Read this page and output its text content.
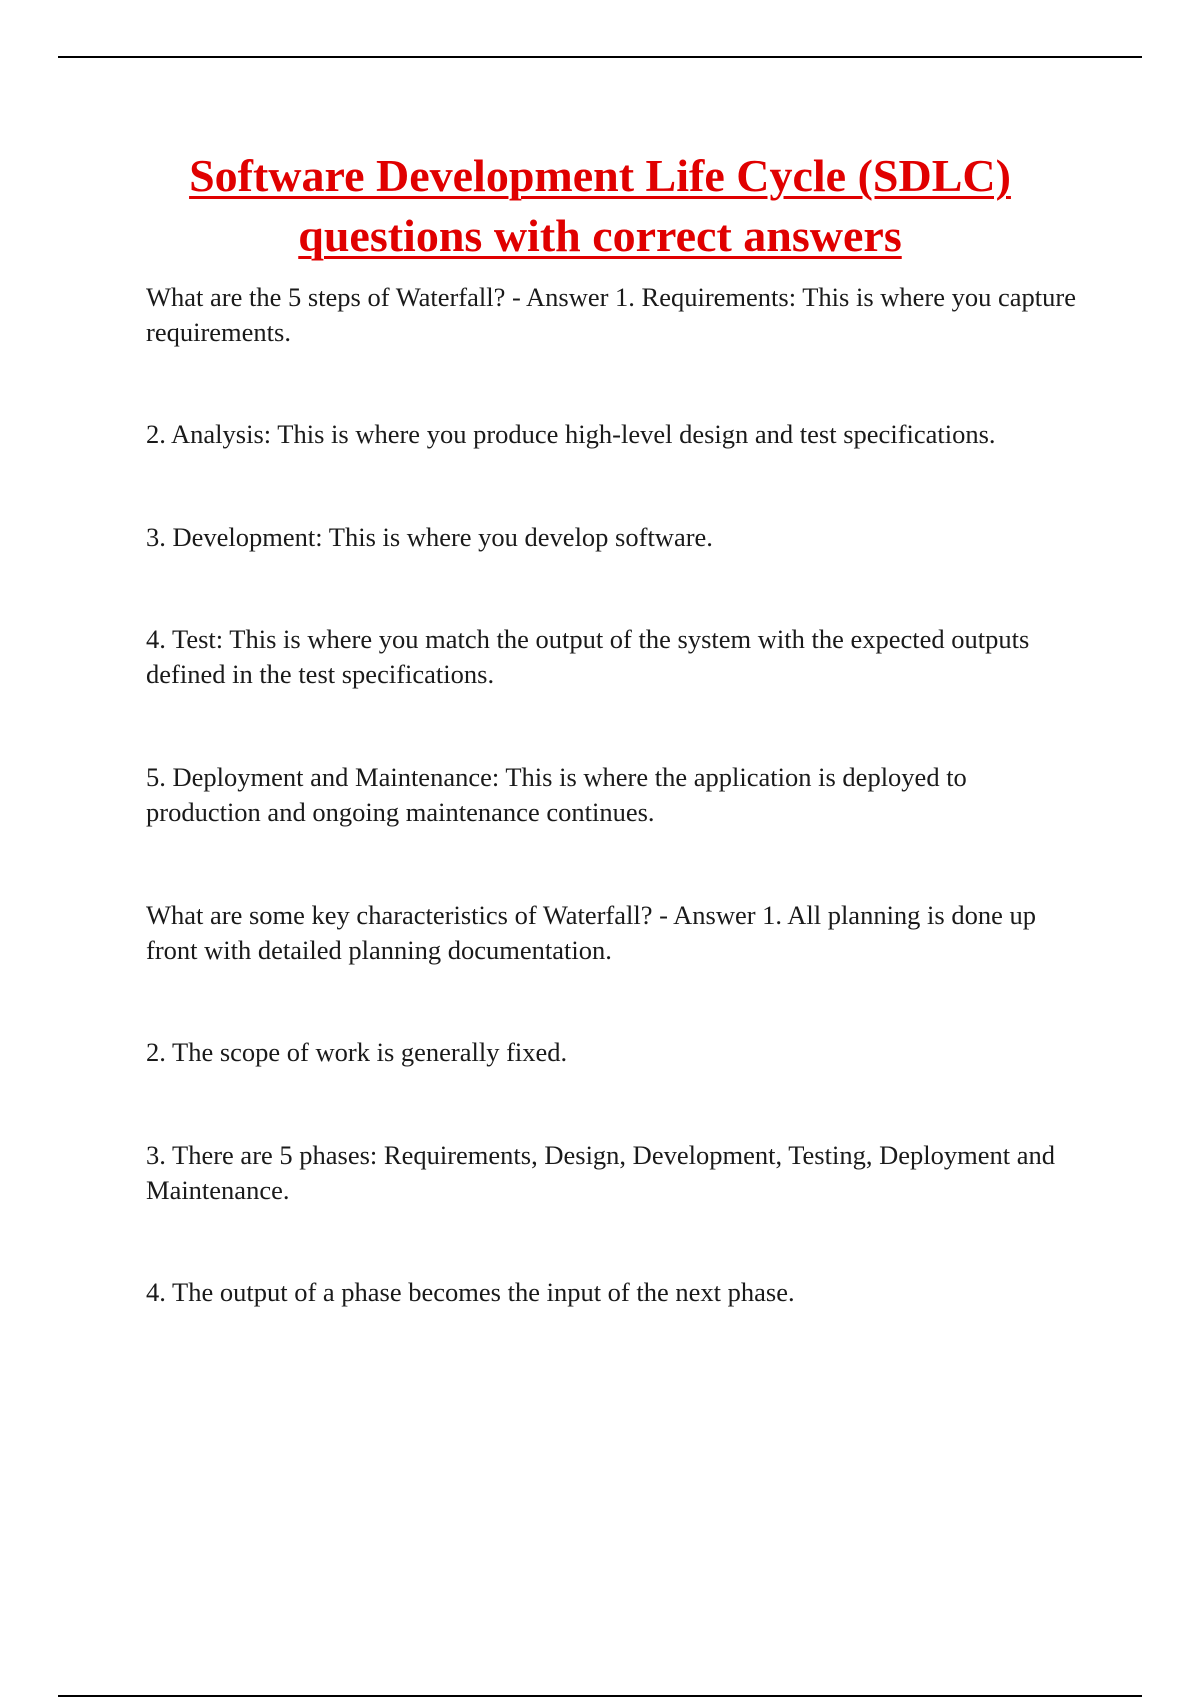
Software Development Life Cycle (SDLC)
questions with correct answers

What are the 5 steps of Waterfall? - Answer 1. Requirements: This is where you capture requirements.

2. Analysis: This is where you produce high-level design and test specifications.

3. Development: This is where you develop software.

4. Test: This is where you match the output of the system with the expected outputs defined in the test specifications.

5. Deployment and Maintenance: This is where the application is deployed to production and ongoing maintenance continues.

What are some key characteristics of Waterfall? - Answer 1. All planning is done up front with detailed planning documentation.

2. The scope of work is generally fixed.

3. There are 5 phases: Requirements, Design, Development, Testing, Deployment and Maintenance.

4. The output of a phase becomes the input of the next phase.
